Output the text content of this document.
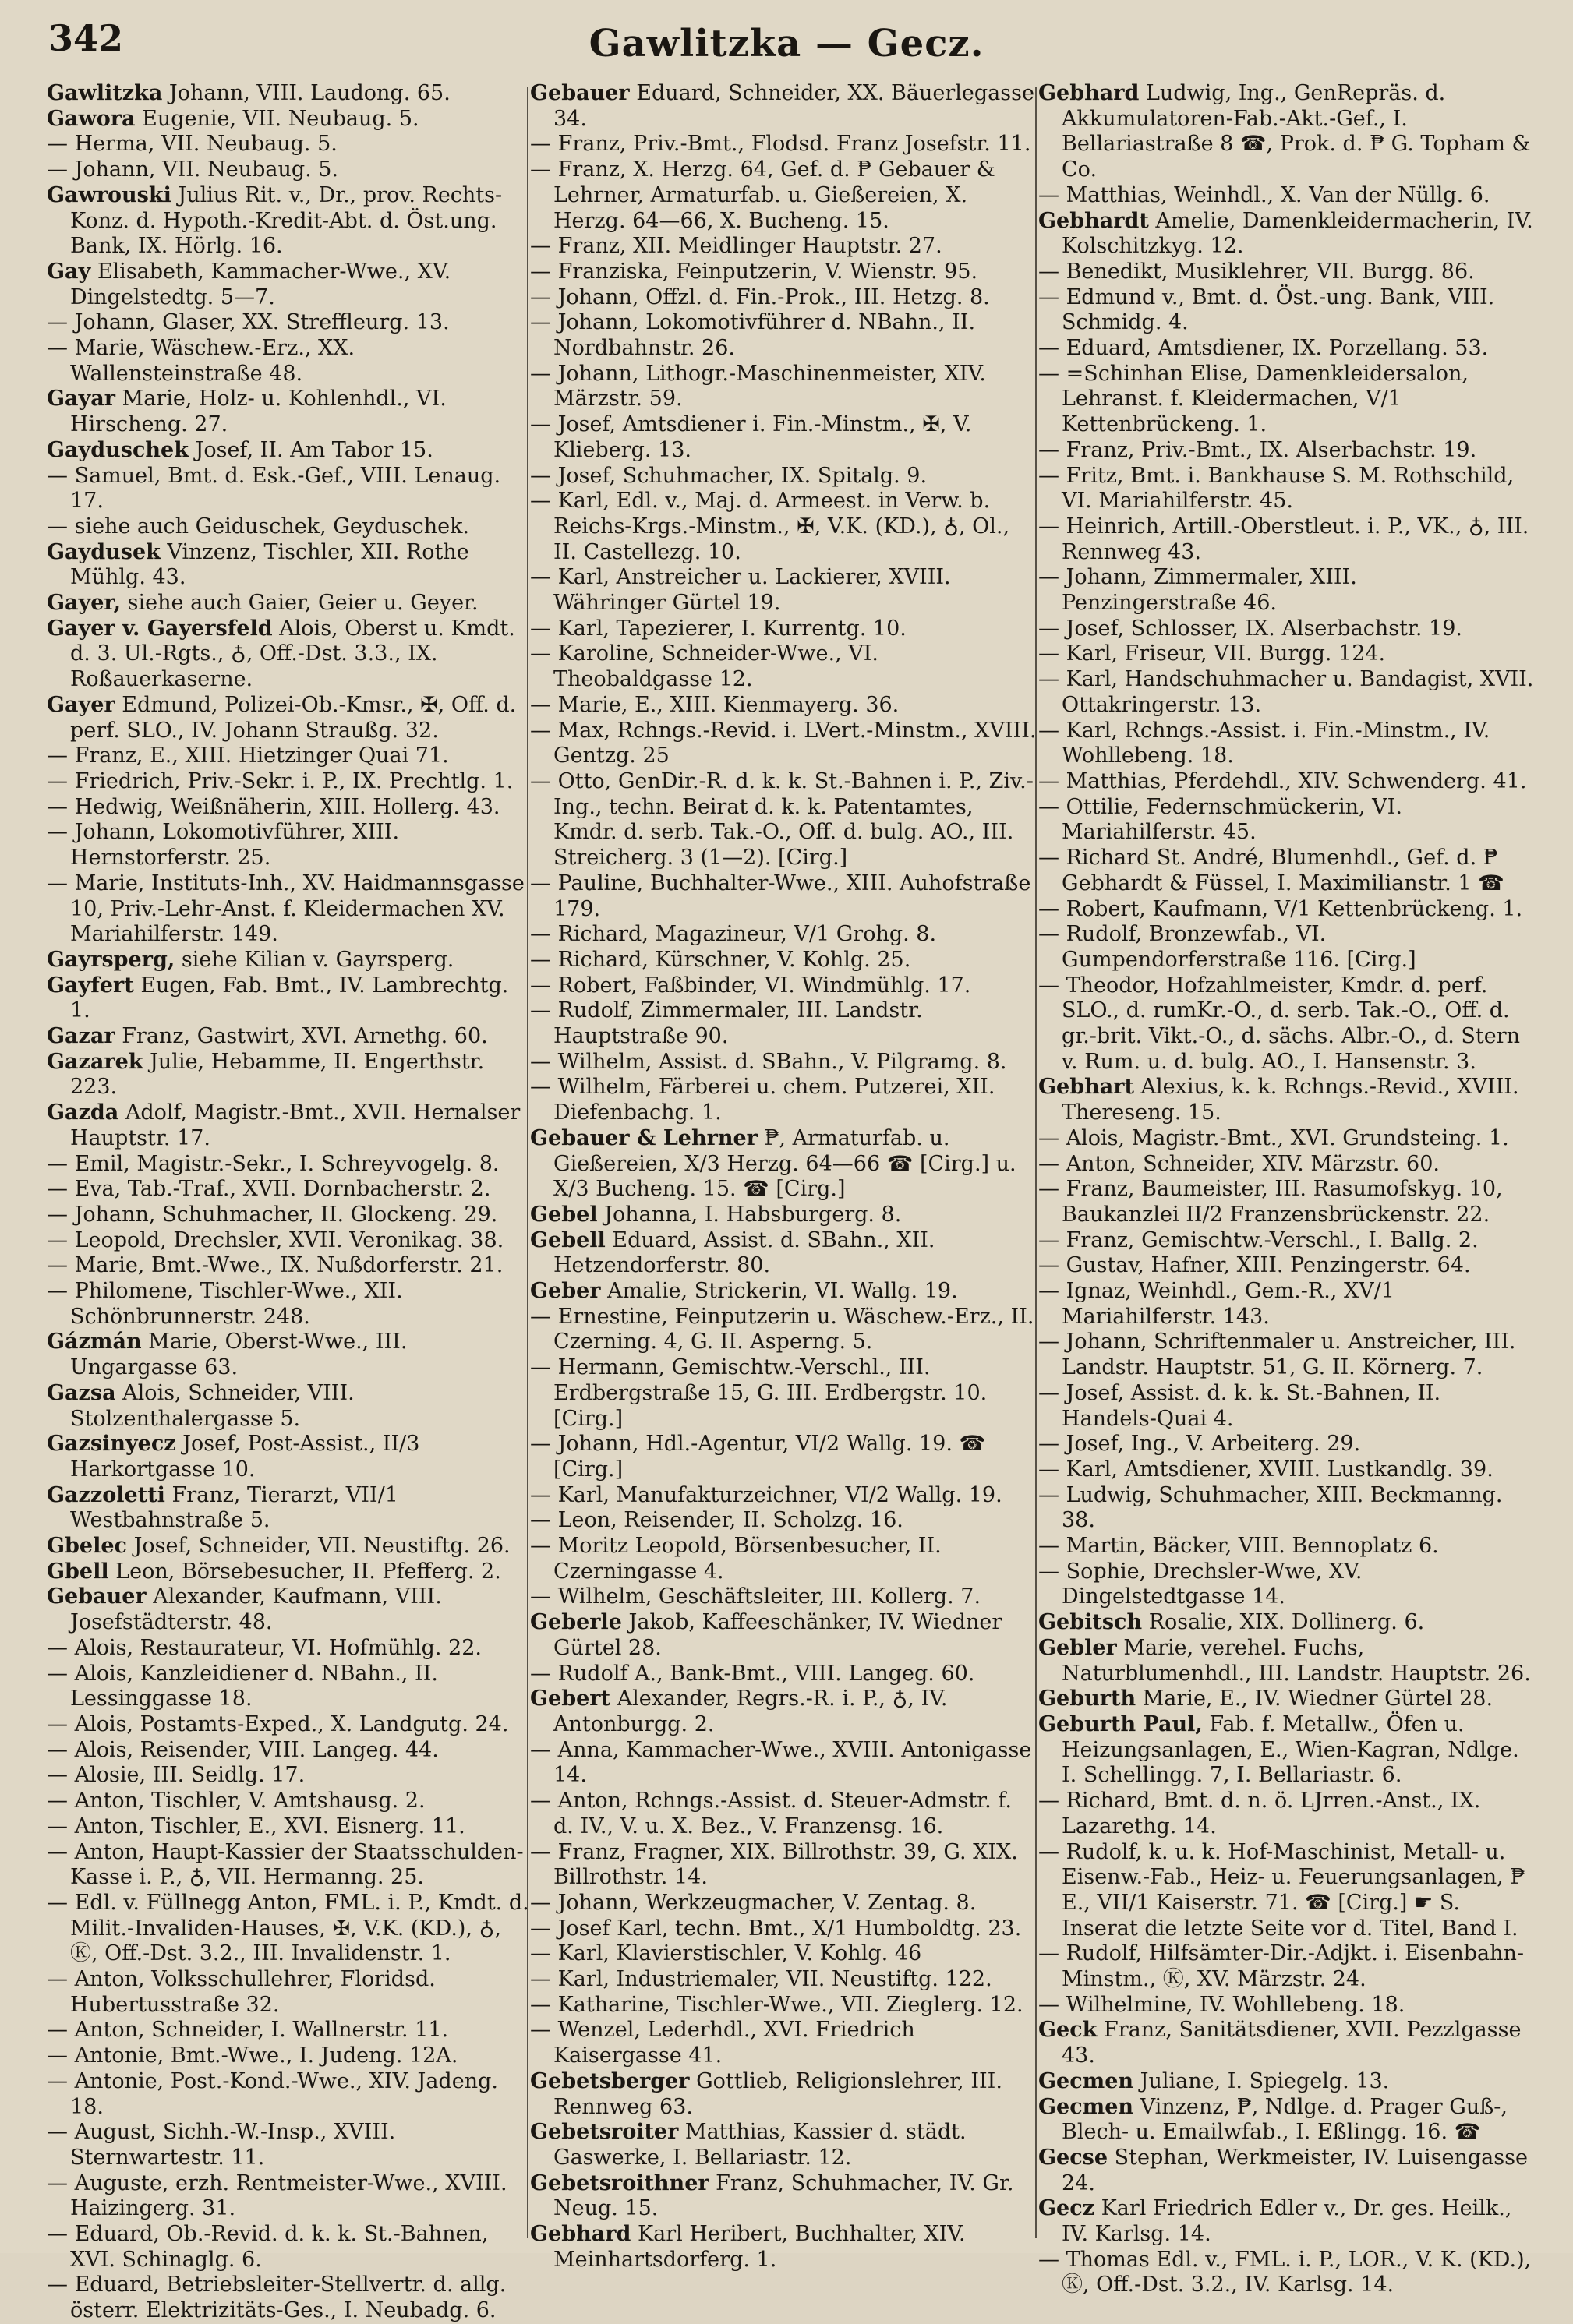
342	Gawlitzka — Gecz.
Gawlitzka Johann, VIII. Laudong. 65.
Gawora Eugenie, VII. Neubaug. 5.
— Herma, VII. Neubaug. 5.
— Johann, VII. Neubaug. 5.
Gawrouski Julius Rit. v., Dr., prov. Rechts-Konz. d. Hypoth.-Kredit-Abt. d. Öst.ung. Bank, IX. Hörlg. 16.
Gay Elisabeth, Kammacher-Wwe., XV. Dingelstedtg. 5—7.
— Johann, Glaser, XX. Streffleurg. 13.
— Marie, Wäschew.-Erz., XX. Wallensteinstraße 48.
Gayar Marie, Holz- u. Kohlenhdl., VI. Hirscheng. 27.
Gayduschek Josef, II. Am Tabor 15.
— Samuel, Bmt. d. Esk.-Gef., VIII. Lenaug. 17.
— siehe auch Geiduschek, Geyduschek.
Gaydusek Vinzenz, Tischler, XII. Rothe Mühlg. 43.
Gayer, siehe auch Gaier, Geier u. Geyer.
Gayer v. Gayersfeld Alois, Oberst u. Kmdt. d. 3. Ul.-Rgts., ♁, Off.-Dst. 3.3., IX. Roßauerkaserne.
Gayer Edmund, Polizei-Ob.-Kmsr., ✠, Off. d. perf. SLO., IV. Johann Straußg. 32.
— Franz, E., XIII. Hietzinger Quai 71.
— Friedrich, Priv.-Sekr. i. P., IX. Prechtlg. 1.
— Hedwig, Weißnäherin, XIII. Hollerg. 43.
— Johann, Lokomotivführer, XIII. Hernstorferstr. 25.
— Marie, Instituts-Inh., XV. Haidmannsgasse 10, Priv.-Lehr-Anst. f. Kleidermachen XV. Mariahilferstr. 149.
Gayrsperg, siehe Kilian v. Gayrsperg.
Gayfert Eugen, Fab. Bmt., IV. Lambrechtg. 1.
Gazar Franz, Gastwirt, XVI. Arnethg. 60.
Gazarek Julie, Hebamme, II. Engerthstr. 223.
Gazda Adolf, Magistr.-Bmt., XVII. Hernalser Hauptstr. 17.
— Emil, Magistr.-Sekr., I. Schreyvogelg. 8.
— Eva, Tab.-Traf., XVII. Dornbacherstr. 2.
— Johann, Schuhmacher, II. Glockeng. 29.
— Leopold, Drechsler, XVII. Veronikag. 38.
— Marie, Bmt.-Wwe., IX. Nußdorferstr. 21.
— Philomene, Tischler-Wwe., XII. Schönbrunnerstr. 248.
Gázmán Marie, Oberst-Wwe., III. Ungargasse 63.
Gazsa Alois, Schneider, VIII. Stolzenthalergasse 5.
Gazsinyecz Josef, Post-Assist., II/3 Harkortgasse 10.
Gazzoletti Franz, Tierarzt, VII/1 Westbahnstraße 5.
Gbelec Josef, Schneider, VII. Neustiftg. 26.
Gbell Leon, Börsebesucher, II. Pfefferg. 2.
Gebauer Alexander, Kaufmann, VIII. Josefstädterstr. 48.
— Alois, Restaurateur, VI. Hofmühlg. 22.
— Alois, Kanzleidiener d. NBahn., II. Lessinggasse 18.
— Alois, Postamts-Exped., X. Landgutg. 24.
— Alois, Reisender, VIII. Langeg. 44.
— Alosie, III. Seidlg. 17.
— Anton, Tischler, V. Amtshausg. 2.
— Anton, Tischler, E., XVI. Eisnerg. 11.
— Anton, Haupt-Kassier der Staatsschulden-Kasse i. P., ♁, VII. Hermanng. 25.
— Edl. v. Füllnegg Anton, FML. i. P., Kmdt. d. Milit.-Invaliden-Hauses, ✠, V.K. (KD.), ♁, Ⓚ, Off.-Dst. 3.2., III. Invalidenstr. 1.
— Anton, Volksschullehrer, Floridsd. Hubertusstraße 32.
— Anton, Schneider, I. Wallnerstr. 11.
— Antonie, Bmt.-Wwe., I. Judeng. 12A.
— Antonie, Post.-Kond.-Wwe., XIV. Jadeng. 18.
— August, Sichh.-W.-Insp., XVIII. Sternwartestr. 11.
— Auguste, erzh. Rentmeister-Wwe., XVIII. Haizingerg. 31.
— Eduard, Ob.-Revid. d. k. k. St.-Bahnen, XVI. Schinaglg. 6.
— Eduard, Betriebsleiter-Stellvertr. d. allg. österr. Elektrizitäts-Ges., I. Neubadg. 6.
Gebauer Eduard, Schneider, XX. Bäuerlegasse 34.
— Franz, Priv.-Bmt., Flodsd. Franz Josefstr. 11.
— Franz, X. Herzg. 64, Gef. d. ₱ Gebauer & Lehrner, Armaturfab. u. Gießereien, X. Herzg. 64—66, X. Bucheng. 15.
— Franz, XII. Meidlinger Hauptstr. 27.
— Franziska, Feinputzerin, V. Wienstr. 95.
— Johann, Offzl. d. Fin.-Prok., III. Hetzg. 8.
— Johann, Lokomotivführer d. NBahn., II. Nordbahnstr. 26.
— Johann, Lithogr.-Maschinenmeister, XIV. Märzstr. 59.
— Josef, Amtsdiener i. Fin.-Minstm., ✠, V. Klieberg. 13.
— Josef, Schuhmacher, IX. Spitalg. 9.
— Karl, Edl. v., Maj. d. Armeest. in Verw. b. Reichs-Krgs.-Minstm., ✠, V.K. (KD.), ♁, Ol., II. Castellezg. 10.
— Karl, Anstreicher u. Lackierer, XVIII. Währinger Gürtel 19.
— Karl, Tapezierer, I. Kurrentg. 10.
— Karoline, Schneider-Wwe., VI. Theobaldgasse 12.
— Marie, E., XIII. Kienmayerg. 36.
— Max, Rchngs.-Revid. i. LVert.-Minstm., XVIII. Gentzg. 25
— Otto, GenDir.-R. d. k. k. St.-Bahnen i. P., Ziv.-Ing., techn. Beirat d. k. k. Patentamtes, Kmdr. d. serb. Tak.-O., Off. d. bulg. AO., III. Streicherg. 3 (1—2). [Cirg.]
— Pauline, Buchhalter-Wwe., XIII. Auhofstraße 179.
— Richard, Magazineur, V/1 Grohg. 8.
— Richard, Kürschner, V. Kohlg. 25.
— Robert, Faßbinder, VI. Windmühlg. 17.
— Rudolf, Zimmermaler, III. Landstr. Hauptstraße 90.
— Wilhelm, Assist. d. SBahn., V. Pilgramg. 8.
— Wilhelm, Färberei u. chem. Putzerei, XII. Diefenbachg. 1.
Gebauer & Lehrner ₱, Armaturfab. u. Gießereien, X/3 Herzg. 64—66 ☎ [Cirg.] u. X/3 Bucheng. 15. ☎ [Cirg.]
Gebel Johanna, I. Habsburgerg. 8.
Gebell Eduard, Assist. d. SBahn., XII. Hetzendorferstr. 80.
Geber Amalie, Strickerin, VI. Wallg. 19.
— Ernestine, Feinputzerin u. Wäschew.-Erz., II. Czerning. 4, G. II. Asperng. 5.
— Hermann, Gemischtw.-Verschl., III. Erdbergstraße 15, G. III. Erdbergstr. 10. [Cirg.]
— Johann, Hdl.-Agentur, VI/2 Wallg. 19. ☎ [Cirg.]
— Karl, Manufakturzeichner, VI/2 Wallg. 19.
— Leon, Reisender, II. Scholzg. 16.
— Moritz Leopold, Börsenbesucher, II. Czerningasse 4.
— Wilhelm, Geschäftsleiter, III. Kollerg. 7.
Geberle Jakob, Kaffeeschänker, IV. Wiedner Gürtel 28.
— Rudolf A., Bank-Bmt., VIII. Langeg. 60.
Gebert Alexander, Regrs.-R. i. P., ♁, IV. Antonburgg. 2.
— Anna, Kammacher-Wwe., XVIII. Antonigasse 14.
— Anton, Rchngs.-Assist. d. Steuer-Admstr. f. d. IV., V. u. X. Bez., V. Franzensg. 16.
— Franz, Fragner, XIX. Billrothstr. 39, G. XIX. Billrothstr. 14.
— Johann, Werkzeugmacher, V. Zentag. 8.
— Josef Karl, techn. Bmt., X/1 Humboldtg. 23.
— Karl, Klavierstischler, V. Kohlg. 46
— Karl, Industriemaler, VII. Neustiftg. 122.
— Katharine, Tischler-Wwe., VII. Zieglerg. 12.
— Wenzel, Lederhdl., XVI. Friedrich Kaisergasse 41.
Gebetsberger Gottlieb, Religionslehrer, III. Rennweg 63.
Gebetsroiter Matthias, Kassier d. städt. Gaswerke, I. Bellariastr. 12.
Gebetsroithner Franz, Schuhmacher, IV. Gr. Neug. 15.
Gebhard Karl Heribert, Buchhalter, XIV. Meinhartsdorferg. 1.
Gebhard Ludwig, Ing., GenRepräs. d. Akkumulatoren-Fab.-Akt.-Gef., I. Bellariastraße 8 ☎, Prok. d. ₱ G. Topham & Co.
— Matthias, Weinhdl., X. Van der Nüllg. 6.
Gebhardt Amelie, Damenkleidermacherin, IV. Kolschitzkyg. 12.
— Benedikt, Musiklehrer, VII. Burgg. 86.
— Edmund v., Bmt. d. Öst.-ung. Bank, VIII. Schmidg. 4.
— Eduard, Amtsdiener, IX. Porzellang. 53.
— =Schinhan Elise, Damenkleidersalon, Lehranst. f. Kleidermachen, V/1 Kettenbrückeng. 1.
— Franz, Priv.-Bmt., IX. Alserbachstr. 19.
— Fritz, Bmt. i. Bankhause S. M. Rothschild, VI. Mariahilferstr. 45.
— Heinrich, Artill.-Oberstleut. i. P., VK., ♁, III. Rennweg 43.
— Johann, Zimmermaler, XIII. Penzingerstraße 46.
— Josef, Schlosser, IX. Alserbachstr. 19.
— Karl, Friseur, VII. Burgg. 124.
— Karl, Handschuhmacher u. Bandagist, XVII. Ottakringerstr. 13.
— Karl, Rchngs.-Assist. i. Fin.-Minstm., IV. Wohllebeng. 18.
— Matthias, Pferdehdl., XIV. Schwenderg. 41.
— Ottilie, Federnschmückerin, VI. Mariahilferstr. 45.
— Richard St. André, Blumenhdl., Gef. d. ₱ Gebhardt & Füssel, I. Maximilianstr. 1 ☎
— Robert, Kaufmann, V/1 Kettenbrückeng. 1.
— Rudolf, Bronzewfab., VI. Gumpendorferstraße 116. [Cirg.]
— Theodor, Hofzahlmeister, Kmdr. d. perf. SLO., d. rumKr.-O., d. serb. Tak.-O., Off. d. gr.-brit. Vikt.-O., d. sächs. Albr.-O., d. Stern v. Rum. u. d. bulg. AO., I. Hansenstr. 3.
Gebhart Alexius, k. k. Rchngs.-Revid., XVIII. Thereseng. 15.
— Alois, Magistr.-Bmt., XVI. Grundsteing. 1.
— Anton, Schneider, XIV. Märzstr. 60.
— Franz, Baumeister, III. Rasumofskyg. 10, Baukanzlei II/2 Franzensbrückenstr. 22.
— Franz, Gemischtw.-Verschl., I. Ballg. 2.
— Gustav, Hafner, XIII. Penzingerstr. 64.
— Ignaz, Weinhdl., Gem.-R., XV/1 Mariahilferstr. 143.
— Johann, Schriftenmaler u. Anstreicher, III. Landstr. Hauptstr. 51, G. II. Körnerg. 7.
— Josef, Assist. d. k. k. St.-Bahnen, II. Handels-Quai 4.
— Josef, Ing., V. Arbeiterg. 29.
— Karl, Amtsdiener, XVIII. Lustkandlg. 39.
— Ludwig, Schuhmacher, XIII. Beckmanng. 38.
— Martin, Bäcker, VIII. Bennoplatz 6.
— Sophie, Drechsler-Wwe, XV. Dingelstedtgasse 14.
Gebitsch Rosalie, XIX. Dollinerg. 6.
Gebler Marie, verehel. Fuchs, Naturblumenhdl., III. Landstr. Hauptstr. 26.
Geburth Marie, E., IV. Wiedner Gürtel 28.
Geburth Paul, Fab. f. Metallw., Öfen u. Heizungsanlagen, E., Wien-Kagran, Ndlge. I. Schellingg. 7, I. Bellariastr. 6.
— Richard, Bmt. d. n. ö. LJrren.-Anst., IX. Lazarethg. 14.
— Rudolf, k. u. k. Hof-Maschinist, Metall- u. Eisenw.-Fab., Heiz- u. Feuerungsanlagen, ₱ E., VII/1 Kaiserstr. 71. ☎ [Cirg.] ☛ S. Inserat die letzte Seite vor d. Titel, Band I.
— Rudolf, Hilfsämter-Dir.-Adjkt. i. Eisenbahn-Minstm., Ⓚ, XV. Märzstr. 24.
— Wilhelmine, IV. Wohllebeng. 18.
Geck Franz, Sanitätsdiener, XVII. Pezzlgasse 43.
Gecmen Juliane, I. Spiegelg. 13.
Gecmen Vinzenz, ₱, Ndlge. d. Prager Guß-, Blech- u. Emailwfab., I. Eßlingg. 16. ☎
Gecse Stephan, Werkmeister, IV. Luisengasse 24.
Gecz Karl Friedrich Edler v., Dr. ges. Heilk., IV. Karlsg. 14.
— Thomas Edl. v., FML. i. P., LOR., V. K. (KD.), Ⓚ, Off.-Dst. 3.2., IV. Karlsg. 14.
